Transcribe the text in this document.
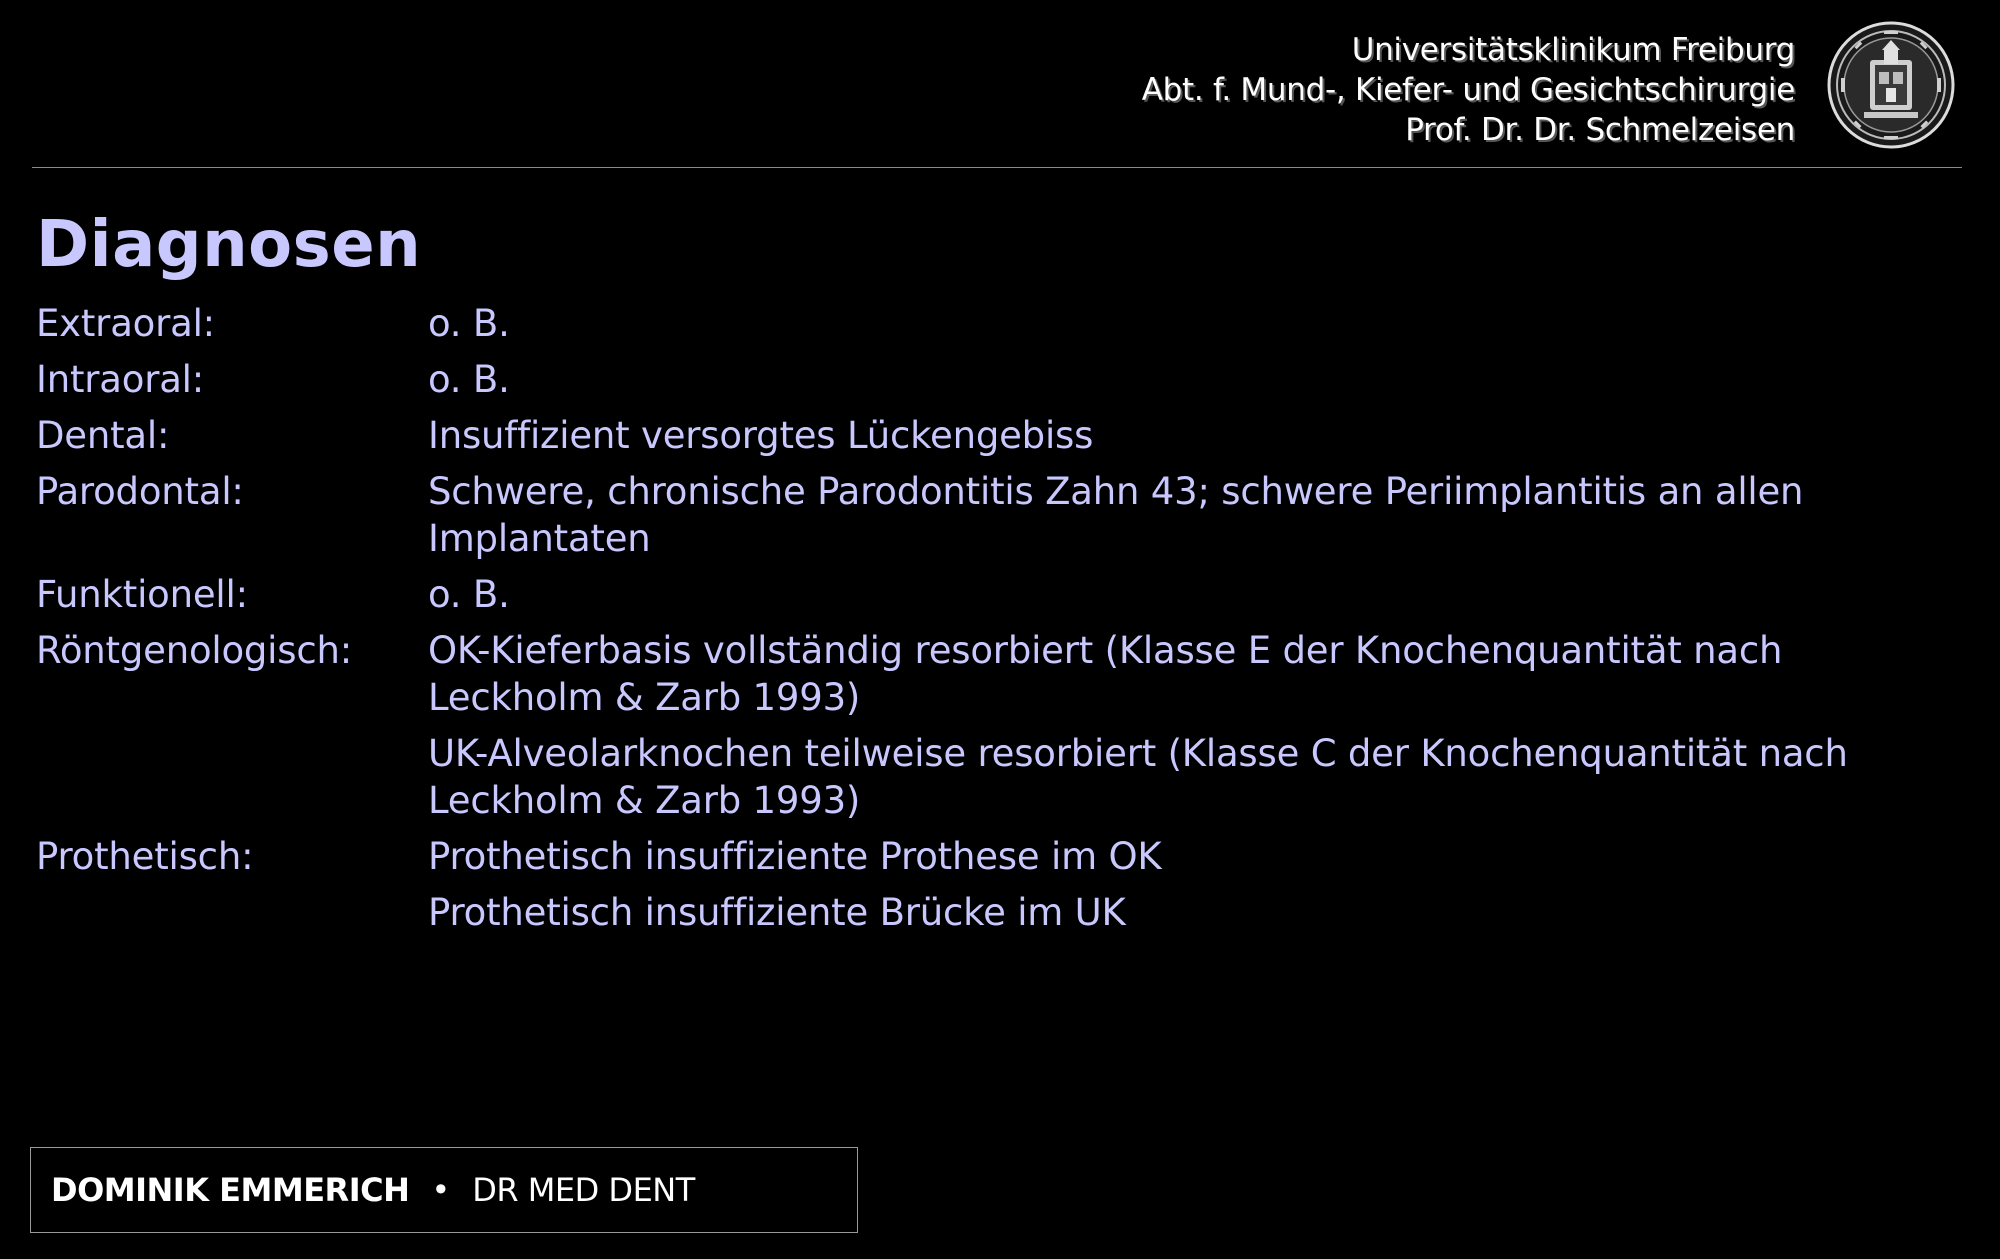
Universitätsklinikum Freiburg
Abt. f. Mund-, Kiefer- und Gesichtschirurgie
Prof. Dr. Dr. Schmelzeisen
Diagnosen
Extraoral:	o. B.
Intraoral:	o. B.
Dental:	Insuffizient versorgtes Lückengebiss
Parodontal:	Schwere, chronische Parodontitis Zahn 43; schwere Periimplantitis an allen Implantaten
Funktionell:	o. B.
Röntgenologisch:	OK-Kieferbasis vollständig resorbiert (Klasse E der Knochenquantität nach Leckholm & Zarb 1993)
UK-Alveolarknochen teilweise resorbiert (Klasse C der Knochenquantität nach Leckholm & Zarb 1993)
Prothetisch:	Prothetisch insuffiziente Prothese im OK
Prothetisch insuffiziente Brücke im UK
DOMINIK EMMERICH • DR MED DENT
